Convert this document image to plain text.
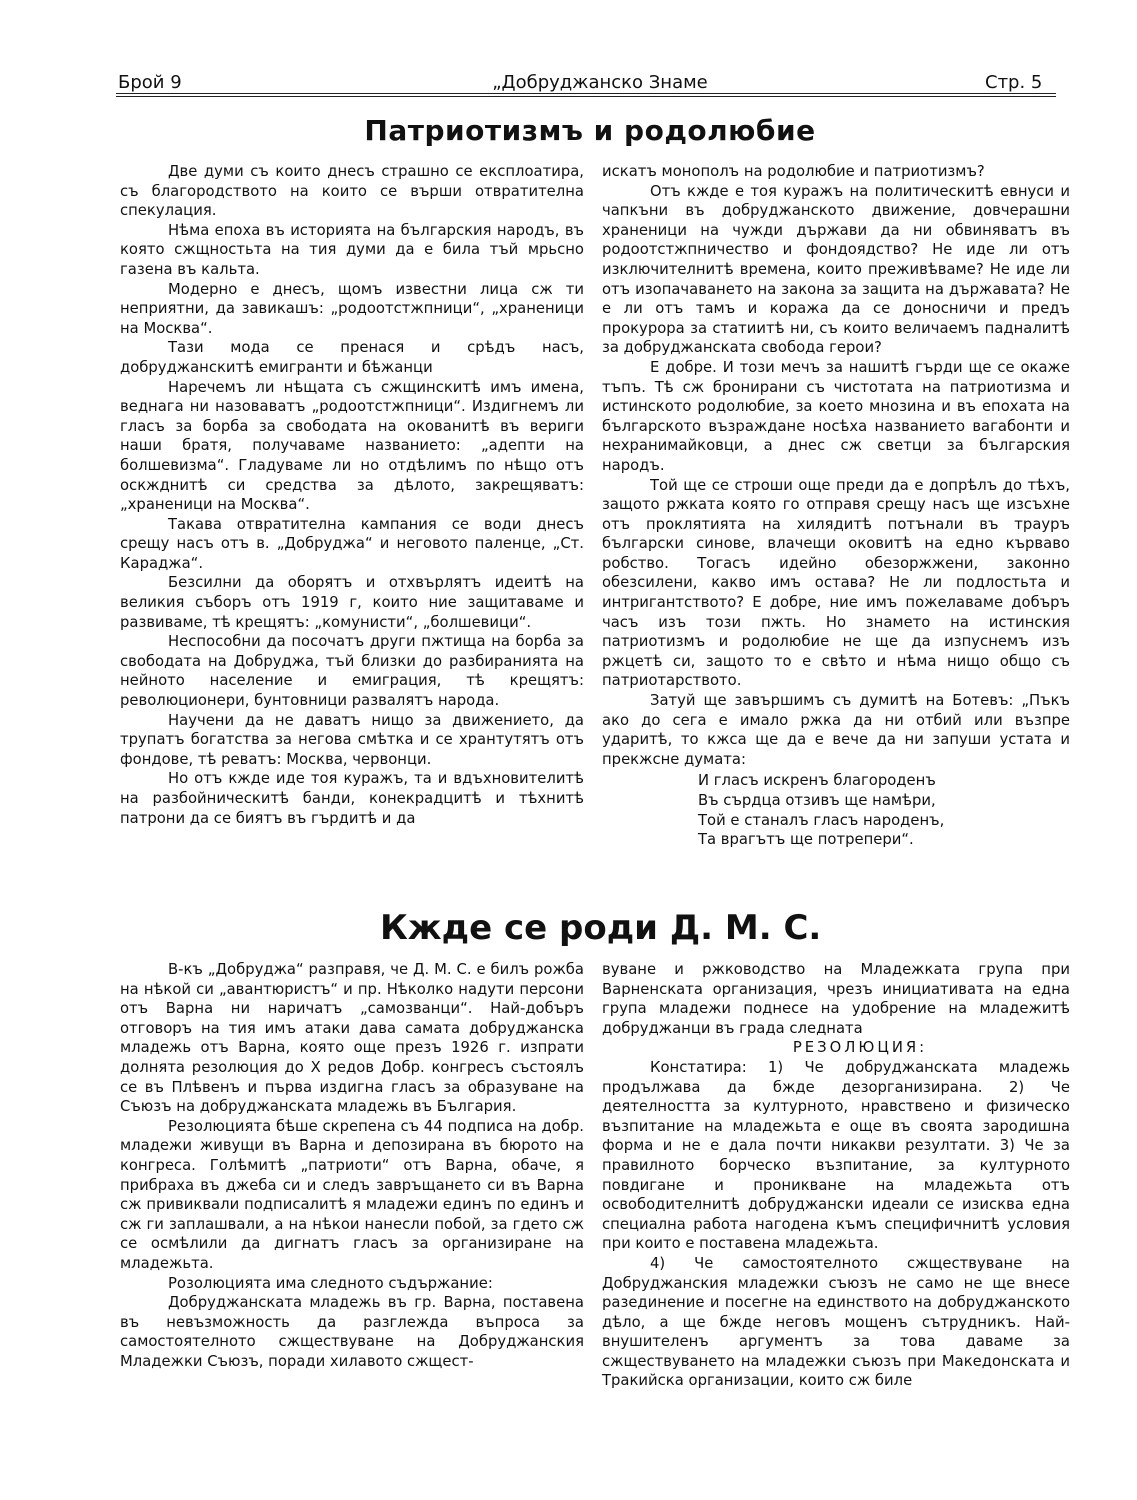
Брой 9	„Добруджанско Знаме	Стр. 5
Патриотизмъ и родолюбие

Две думи съ които днесъ страшно се експлоатира, съ благородството на които се върши отвратителна спекулация.

Нѣма епоха въ историята на българския народъ, въ която сжщностьта на тия думи да е била тъй мрьсно газена въ кальта.

Модерно е днесъ, щомъ известни лица сж ти неприятни, да завикашъ: „родоотстжпници“, „храненици на Москва“.

Тази мода се пренася и срѣдъ насъ, добруджанскитѣ емигранти и бѣжанци

Наречемъ ли нѣщата съ сжщинскитѣ имъ имена, веднага ни назоваватъ „родоотстжпници“. Издигнемъ ли гласъ за борба за свободата на окованитѣ въ вериги наши братя, получаваме названието: „адепти на болшевизма“. Гладуваме ли но отдѣлимъ по нѣщо отъ оскжднитѣ си средства за дѣлото, закрещяватъ: „храненици на Москва“.

Такава отвратителна кампания се води днесъ срещу насъ отъ в. „Добруджа“ и неговото паленце, „Ст. Караджа“.

Безсилни да оборятъ и отхвърлятъ идеитѣ на великия съборъ отъ 1919 г, които ние защитаваме и развиваме, тѣ крещятъ: „комунисти“, „болшевици“.

Неспособни да посочатъ други пжтища на борба за свободата на Добруджа, тъй близки до разбиранията на нейното население и емиграция, тѣ крещятъ: революционери, бунтовници развалятъ народа.

Научени да не даватъ нищо за движението, да трупатъ богатства за негова смѣтка и се хрантутятъ отъ фондове, тѣ реватъ: Москва, червонци.

Но отъ кжде иде тоя куражъ, та и вдъхновителитѣ на разбойническитѣ банди, конекрадцитѣ и тѣхнитѣ патрони да се биятъ въ гърдитѣ и да

искатъ монополъ на родолюбие и патриотизмъ?

Отъ кжде е тоя куражъ на политическитѣ евнуси и чапкъни въ добруджанското движение, довчерашни храненици на чужди държави да ни обвиняватъ въ родоотстжпничество и фондоядство? Не иде ли отъ изключителнитѣ времена, които преживѣваме? Не иде ли отъ изопачаването на закона за защита на държавата? Не е ли отъ тамъ и коража да се доносничи и предъ прокурора за статиитѣ ни, съ които величаемъ падналитѣ за добруджанската свобода герои?

Е добре. И този мечъ за нашитѣ гърди ще се окаже тъпъ. Тѣ сж бронирани съ чистотата на патриотизма и истинското родолюбие, за което мнозина и въ епохата на българското възраждане носѣха названието вагабонти и нехранимайковци, а днес сж светци за българския народъ.

Той ще се строши още преди да е допрѣлъ до тѣхъ, защото ржката която го отправя срещу насъ ще изсъхне отъ проклятията на хилядитѣ потънали въ трауръ български синове, влачещи оковитѣ на едно кърваво робство. Тогасъ идейно обезоржжени, законно обезсилени, какво имъ остава? Не ли подлостьта и интригантството? Е добре, ние имъ пожелаваме добъръ часъ изъ този пжть. Но знамето на истинския патриотизмъ и родолюбие не ще да изпуснемъ изъ ржцетѣ си, защото то е свѣто и нѣма нищо общо съ патриотарството.

Затуй ще завършимъ съ думитѣ на Ботевъ: „Пъкъ ако до сега е имало ржка да ни отбий или възпре ударитѣ, то кжса ще да е вече да ни запуши устата и прекжсне думата:

И гласъ искренъ благороденъ
Въ сърдца отзивъ ще намѣри,
Той е станалъ гласъ народенъ,
Та врагътъ ще потрепери“.
Кжде се роди Д. М. С.

В-къ „Добруджа“ разправя, че Д. М. С. е билъ рожба на нѣкой си „авантюристъ“ и пр. Нѣколко надути персони отъ Варна ни наричатъ „самозванци“. Най-добъръ отговоръ на тия имъ атаки дава самата добруджанска младежь отъ Варна, която още презъ 1926 г. изпрати долнята резолюция до X редов Добр. конгресъ състоялъ се въ Плѣвенъ и първа издигна гласъ за образуване на Съюзъ на добруджанската младежь въ България.

Резолюцията бѣше скрепена съ 44 подписа на добр. младежи живущи въ Варна и депозирана въ бюрото на конгреса. Голѣмитѣ „патриоти“ отъ Варна, обаче, я прибраха въ джеба си и следъ завръщането си въ Варна сж привиквали подписалитѣ я младежи единъ по единъ и сж ги заплашвали, а на нѣкои нанесли побой, за гдето сж се осмѣлили да дигнатъ гласъ за организиране на младежьта.

Розолюцията има следното съдържание:

Добруджанската младежь въ гр. Варна, поставена въ невъзможность да разглежда въпроса за самостоятелното сжществуване на Добруджанския Младежки Съюзъ, поради хилавото сжщест-

вуване и ржководство на Младежката група при Варненската организация, чрезъ инициативата на една група младежи поднесе на удобрение на младежитѣ добруджанци въ града следната

РЕЗОЛЮЦИЯ:

Констатира: 1) Че добруджанската младежь продължава да бжде дезорганизирана. 2) Че деятелността за културното, нравствено и физическо възпитание на младежьта е още въ своята зародишна форма и не е дала почти никакви резултати. 3) Че за правилното борческо възпитание, за културното повдигане и проникване на младежьта отъ освободителнитѣ добруджански идеали се изисква една специална работа нагодена къмъ специфичнитѣ условия при които е поставена младежьта.

4) Че самостоятелното сжществуване на Добруджанския младежки съюзъ не само не ще внесе разединение и посегне на единството на добруджанското дѣло, а ще бжде неговъ мощенъ сътрудникъ. Най-внушителенъ аргументъ за това даваме за сжществуването на младежки съюзъ при Македонската и Тракийска организации, които сж биле
